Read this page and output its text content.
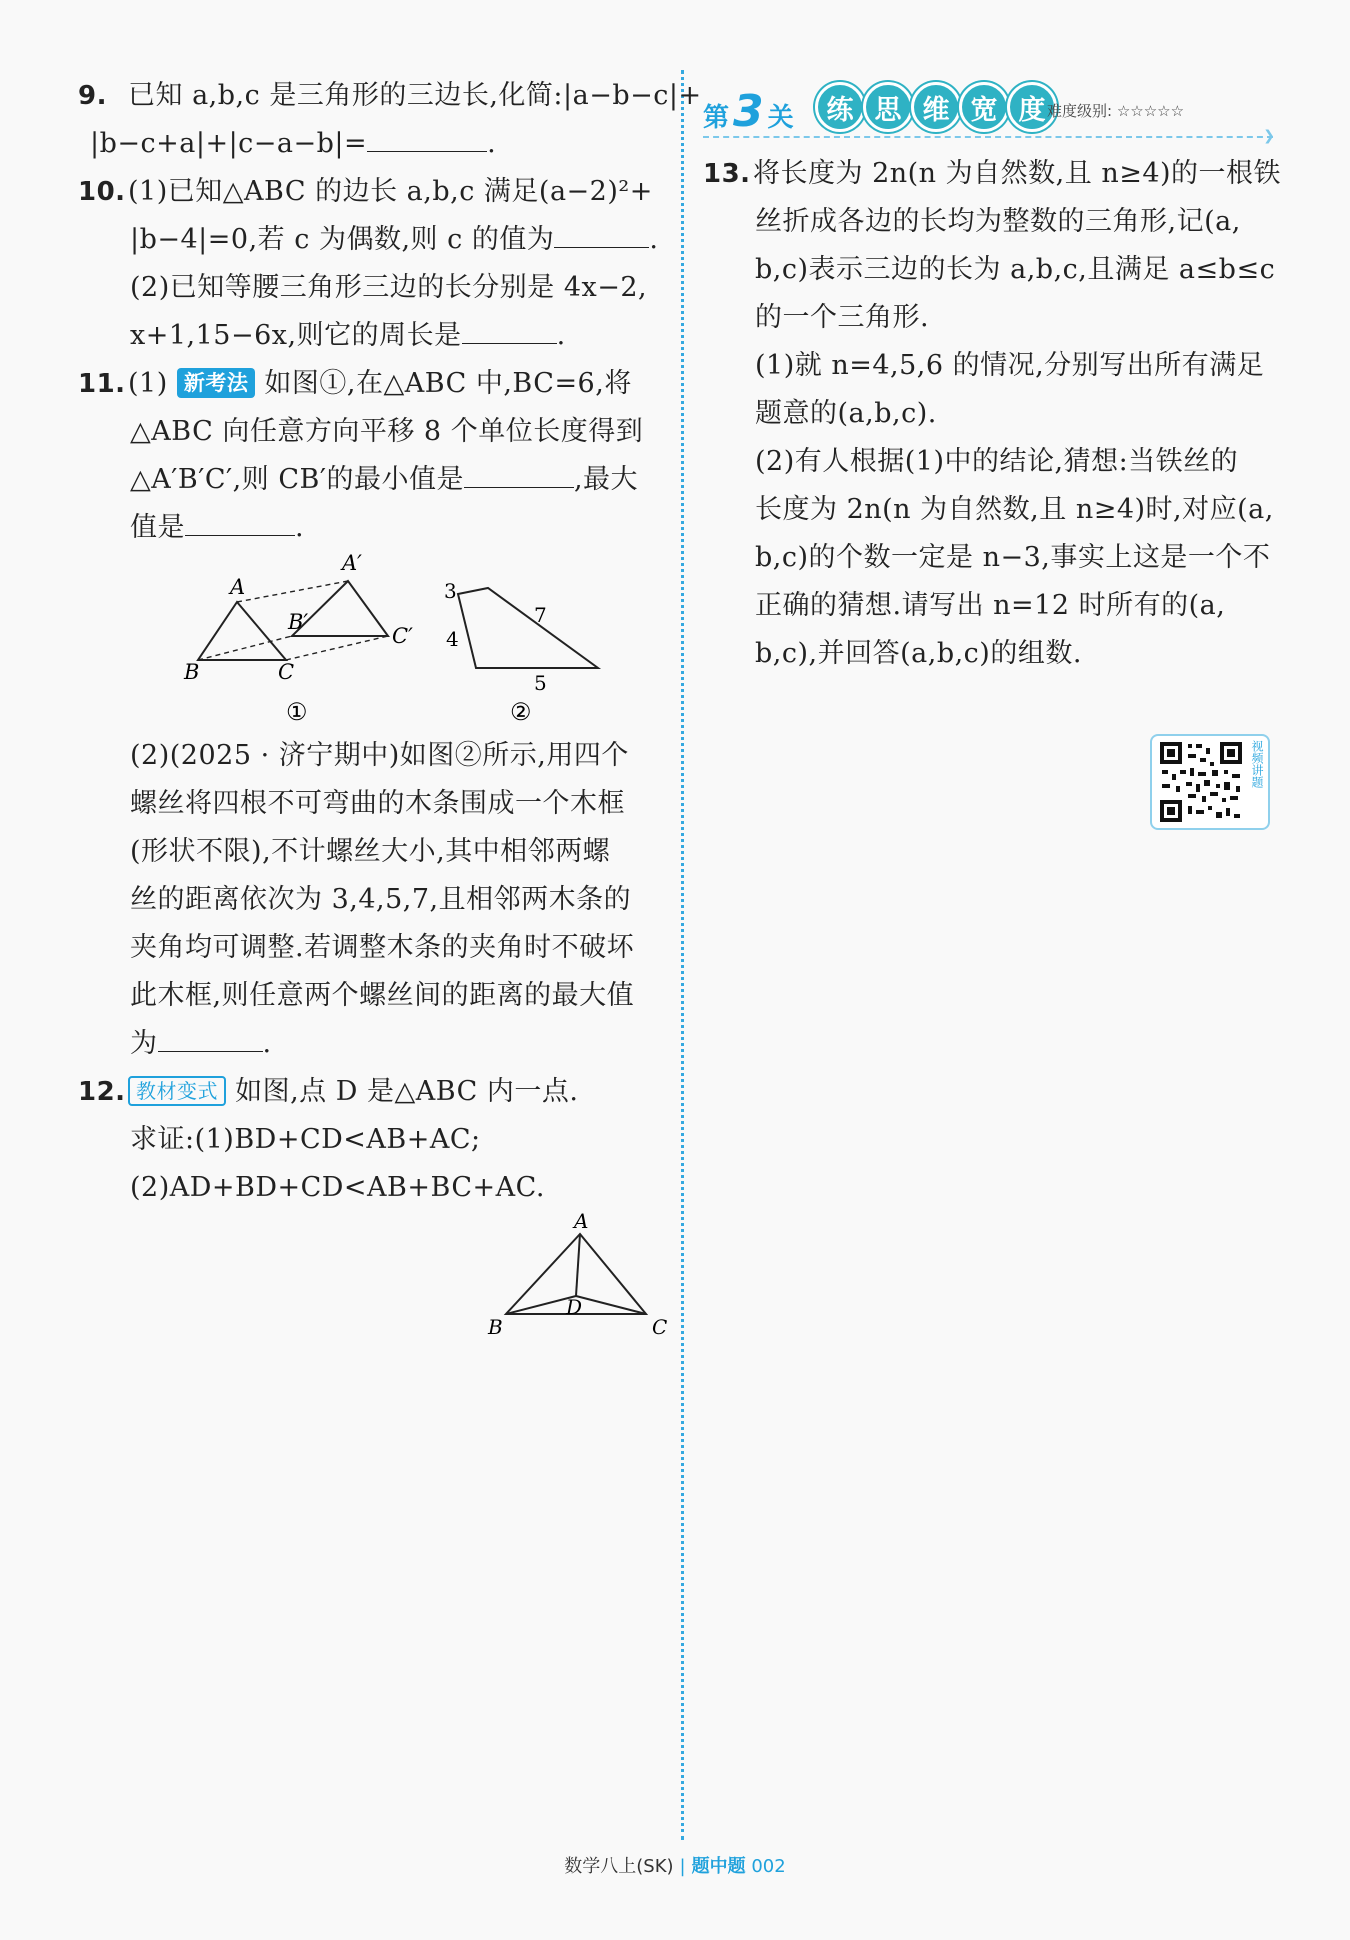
9. 已知 a,b,c 是三角形的三边长,化简:|a−b−c|+
|b−c+a|+|c−a−b|=	.
10.(1)已知△ABC 的边长 a,b,c 满足(a−2)²+
|b−4|=0,若 c 为偶数,则 c 的值为	.
(2)已知等腰三角形三边的长分别是 4x−2,
x+1,15−6x,则它的周长是	.
11.(1) 新考法 如图①,在△ABC 中,BC=6,将
△ABC 向任意方向平移 8 个单位长度得到
△A′B′C′,则 CB′的最小值是	,最大
值是	.
A
B	C
A′
B′
C′
①
3
7
4
5
②
(2)(2025 · 济宁期中)如图②所示,用四个
螺丝将四根不可弯曲的木条围成一个木框
(形状不限),不计螺丝大小,其中相邻两螺
丝的距离依次为 3,4,5,7,且相邻两木条的
夹角均可调整.若调整木条的夹角时不破坏
此木框,则任意两个螺丝间的距离的最大值
为	.
12. 教材变式 如图,点 D 是△ABC 内一点.
求证:(1)BD+CD<AB+AC;
(2)AD+BD+CD<AB+BC+AC.
A
B	C
D
第3 关	练 思 维 宽 度 难度级别: ☆☆☆☆☆
❯
13.将长度为 2n(n 为自然数,且 n≥4)的一根铁
丝折成各边的长均为整数的三角形,记(a,
b,c)表示三边的长为 a,b,c,且满足 a≤b≤c
的一个三角形.
(1)就 n=4,5,6 的情况,分别写出所有满足
题意的(a,b,c).
(2)有人根据(1)中的结论,猜想:当铁丝的
长度为 2n(n 为自然数,且 n≥4)时,对应(a,
b,c)的个数一定是 n−3,事实上这是一个不
正确的猜想.请写出 n=12 时所有的(a,
b,c),并回答(a,b,c)的组数.
视频讲题
数学八上(SK) | 题中题 002
